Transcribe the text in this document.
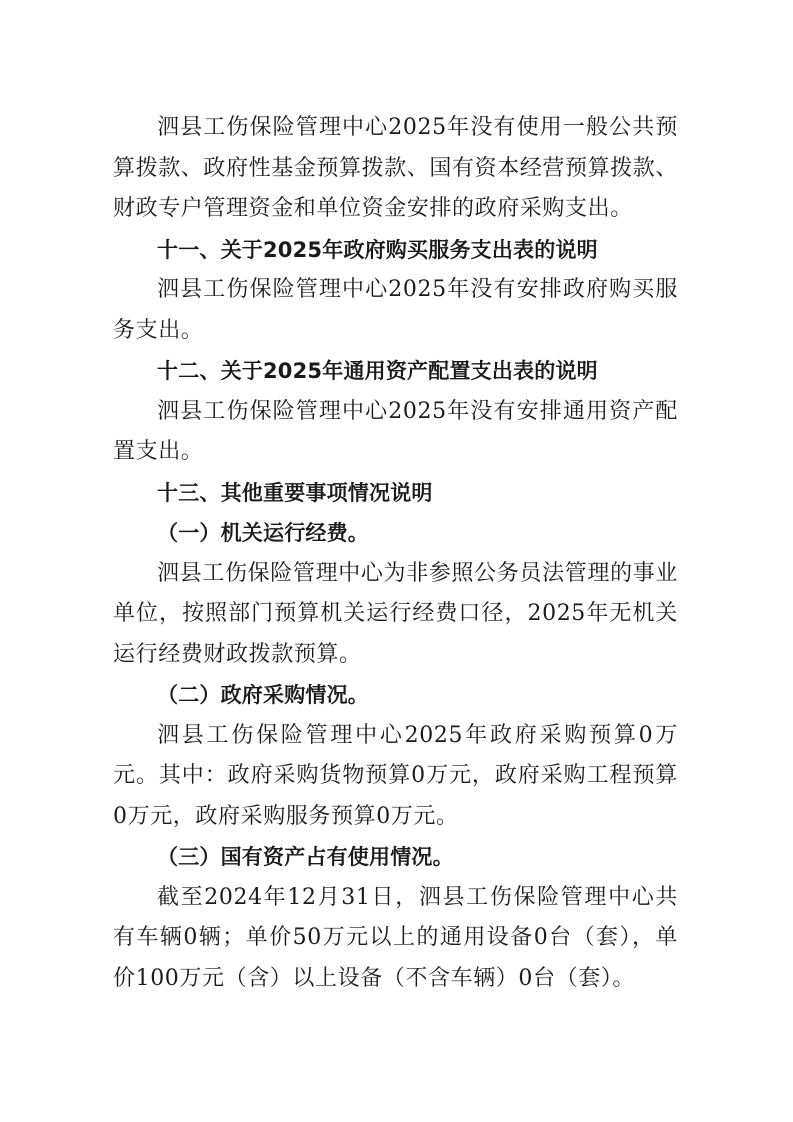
泗县工伤保险管理中心2025年没有使用一般公共预算拨款、政府性基金预算拨款、国有资本经营预算拨款、财政专户管理资金和单位资金安排的政府采购支出。

十一、关于2025年政府购买服务支出表的说明

泗县工伤保险管理中心2025年没有安排政府购买服务支出。

十二、关于2025年通用资产配置支出表的说明

泗县工伤保险管理中心2025年没有安排通用资产配置支出。

十三、其他重要事项情况说明

（一）机关运行经费。

泗县工伤保险管理中心为非参照公务员法管理的事业单位，按照部门预算机关运行经费口径，2025年无机关运行经费财政拨款预算。

（二）政府采购情况。

泗县工伤保险管理中心2025年政府采购预算0万元。其中：政府采购货物预算0万元，政府采购工程预算0万元，政府采购服务预算0万元。

（三）国有资产占有使用情况。

截至2024年12月31日，泗县工伤保险管理中心共有车辆0辆；单价50万元以上的通用设备0台（套），单价100万元（含）以上设备（不含车辆）0台（套）。
